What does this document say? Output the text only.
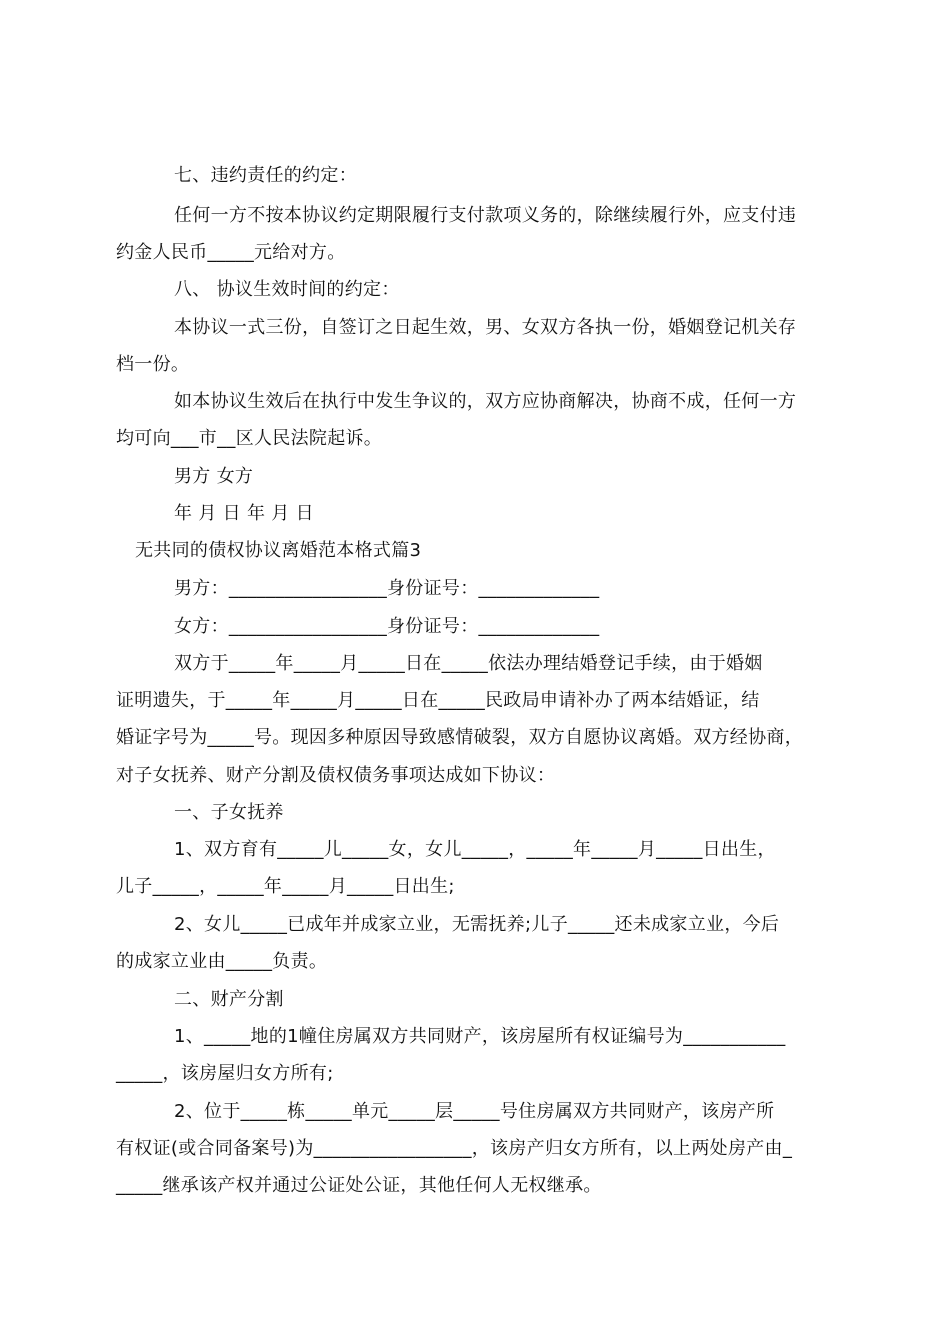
七、违约责任的约定：
任何一方不按本协议约定期限履行支付款项义务的，除继续履行外，应支付违
约金人民币_____元给对方。
八、 协议生效时间的约定：
本协议一式三份，自签订之日起生效，男、女双方各执一份，婚姻登记机关存
档一份。
如本协议生效后在执行中发生争议的，双方应协商解决，协商不成，任何一方
均可向___市__区人民法院起诉。
男方 女方
年 月 日 年 月 日
无共同的债权协议离婚范本格式篇3
男方：_________________身份证号：_____________
女方：_________________身份证号：_____________
双方于_____年_____月_____日在_____依法办理结婚登记手续，由于婚姻
证明遗失，于_____年_____月_____日在_____民政局申请补办了两本结婚证，结
婚证字号为_____号。现因多种原因导致感情破裂，双方自愿协议离婚。双方经协商，
对子女抚养、财产分割及债权债务事项达成如下协议：
一、子女抚养
1、双方育有_____儿_____女，女儿_____，_____年_____月_____日出生，
儿子_____，_____年_____月_____日出生;
2、女儿_____已成年并成家立业，无需抚养;儿子_____还未成家立业，今后
的成家立业由_____负责。
二、财产分割
1、_____地的1幢住房属双方共同财产，该房屋所有权证编号为___________
_____，该房屋归女方所有;
2、位于_____栋_____单元_____层_____号住房属双方共同财产，该房产所
有权证(或合同备案号)为_________________，该房产归女方所有，以上两处房产由_
_____继承该产权并通过公证处公证，其他任何人无权继承。
